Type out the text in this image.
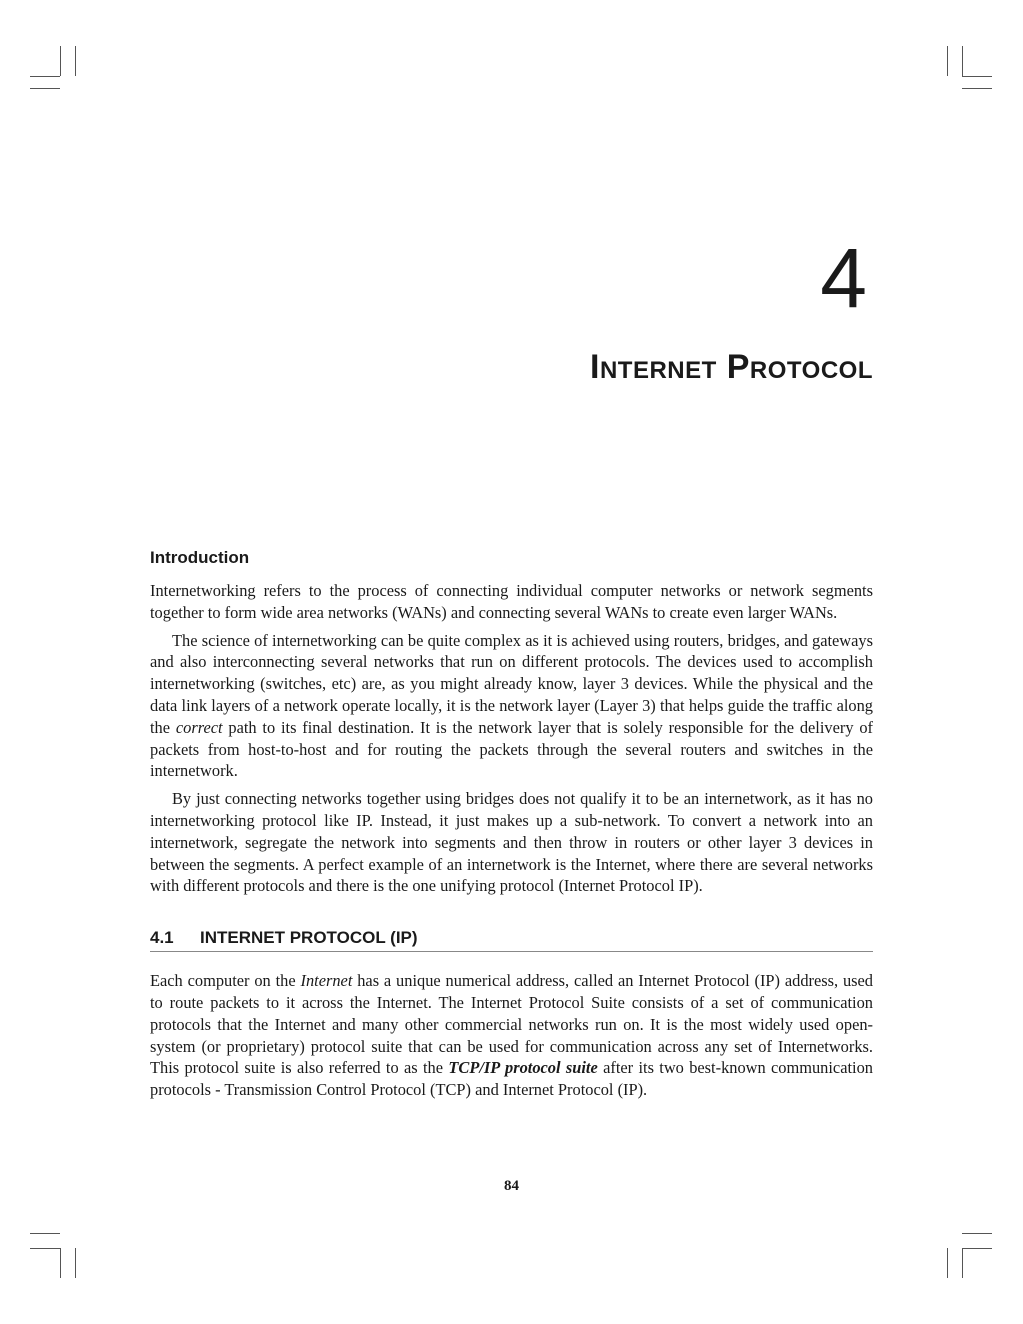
4
Internet Protocol
Introduction

Internetworking refers to the process of connecting individual computer networks or network segments together to form wide area networks (WANs) and connecting several WANs to create even larger WANs.

The science of internetworking can be quite complex as it is achieved using routers, bridges, and gateways and also interconnecting several networks that run on different protocols. The devices used to accomplish internetworking (switches, etc) are, as you might already know, layer 3 devices. While the physical and the data link layers of a network operate locally, it is the network layer (Layer 3) that helps guide the traffic along the correct path to its final destination. It is the network layer that is solely responsible for the delivery of packets from host-to-host and for routing the packets through the several routers and switches in the internetwork.

By just connecting networks together using bridges does not qualify it to be an internetwork, as it has no internetworking protocol like IP. Instead, it just makes up a sub-network. To convert a network into an internetwork, segregate the network into segments and then throw in routers or other layer 3 devices in between the segments. A perfect example of an internetwork is the Internet, where there are several networks with different protocols and there is the one unifying protocol (Internet Protocol IP).

4.1 INTERNET PROTOCOL (IP)

Each computer on the Internet has a unique numerical address, called an Internet Protocol (IP) address, used to route packets to it across the Internet. The Internet Protocol Suite consists of a set of communication protocols that the Internet and many other commercial networks run on. It is the most widely used open-system (or proprietary) protocol suite that can be used for communication across any set of Internetworks. This protocol suite is also referred to as the TCP/IP protocol suite after its two best-known communication protocols - Transmission Control Protocol (TCP) and Internet Protocol (IP).

84
